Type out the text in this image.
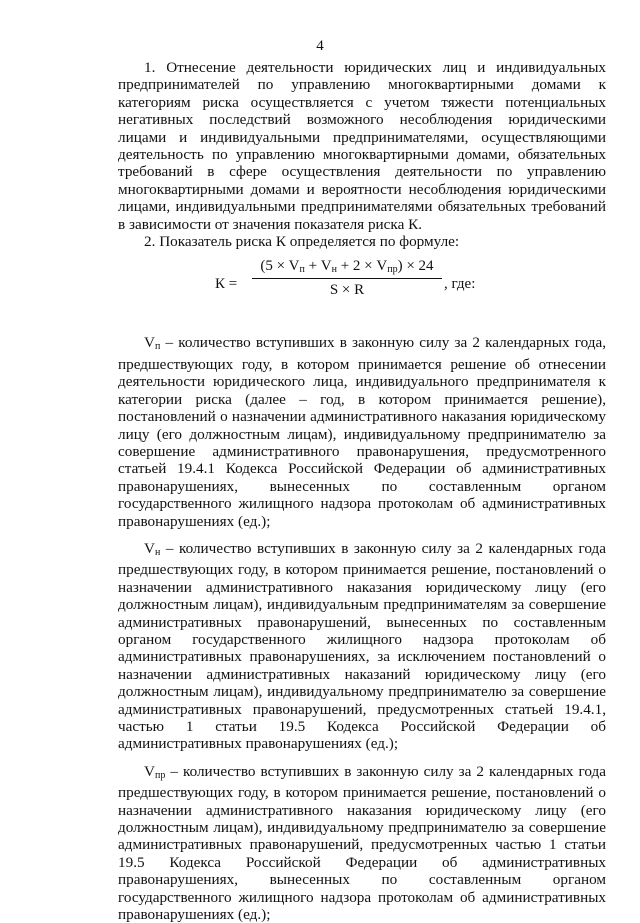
4

1. Отнесение деятельности юридических лиц и индивидуальных предпринимателей по управлению многоквартирными домами к категориям риска осуществляется с учетом тяжести потенциальных негативных последствий возможного несоблюдения юридическими лицами и индивидуальными предпринимателями, осуществляющими деятельность по управлению многоквартирными домами, обязательных требований в сфере осуществления деятельности по управлению многоквартирными домами и вероятности несоблюдения юридическими лицами, индивидуальными предпринимателями обязательных требований в зависимости от значения показателя риска К.

2. Показатель риска К определяется по формуле:

К =
$(5 \times V_п + V_н + 2 \times V_{пр}) \times 24$
S × R	, где:

$V_п$ – количество вступивших в законную силу за 2 календарных года, предшествующих году, в котором принимается решение об отнесении деятельности юридического лица, индивидуального предпринимателя к категории риска (далее – год, в котором принимается решение), постановлений о назначении административного наказания юридическому лицу (его должностным лицам), индивидуальному предпринимателю за совершение административного правонарушения, предусмотренного статьей 19.4.1 Кодекса Российской Федерации об административных правонарушениях, вынесенных по составленным органом государственного жилищного надзора протоколам об административных правонарушениях (ед.);

$V_н$ – количество вступивших в законную силу за 2 календарных года предшествующих году, в котором принимается решение, постановлений о назначении административного наказания юридическому лицу (его должностным лицам), индивидуальным предпринимателям за совершение административных правонарушений, вынесенных по составленным органом государственного жилищного надзора протоколам об административных правонарушениях, за исключением постановлений о назначении административных наказаний юридическому лицу (его должностным лицам), индивидуальному предпринимателю за совершение административных правонарушений, предусмотренных статьей 19.4.1, частью 1 статьи 19.5 Кодекса Российской Федерации об административных правонарушениях (ед.);

$V_{пр}$ – количество вступивших в законную силу за 2 календарных года предшествующих году, в котором принимается решение, постановлений о назначении административного наказания юридическому лицу (его должностным лицам), индивидуальному предпринимателю за совершение административных правонарушений, предусмотренных частью 1 статьи 19.5 Кодекса Российской Федерации об административных правонарушениях, вынесенных по составленным органом государственного жилищного надзора протоколам об административных правонарушениях (ед.);
